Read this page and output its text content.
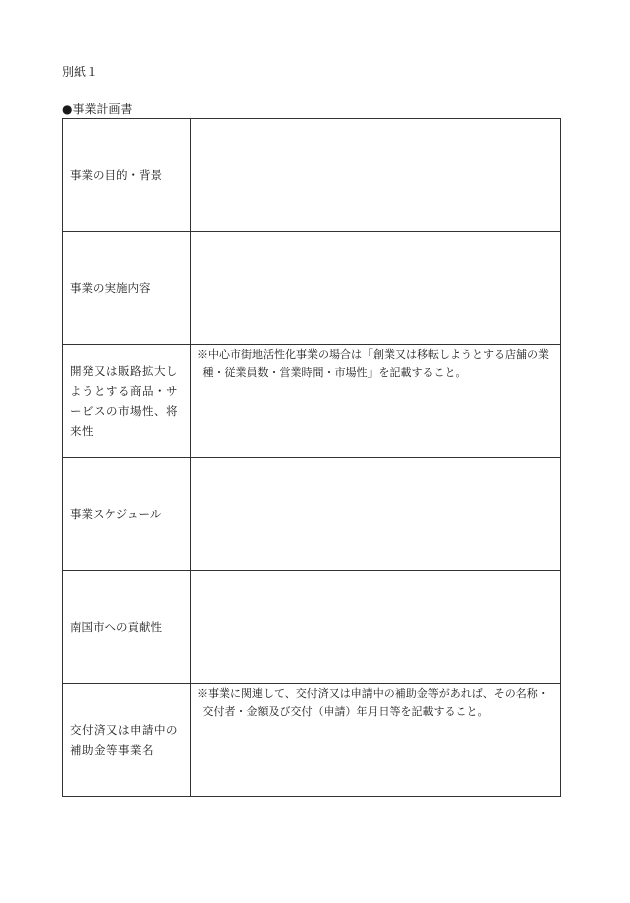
別紙１
●事業計画書
事業の目的・背景	
事業の実施内容	
開発又は販路拡大しようとする商品・サービスの市場性、将来性	※中心市街地活性化事業の場合は「創業又は移転しようとする店舗の業種・従業員数・営業時間・市場性」を記載すること。

事業スケジュール	
南国市への貢献性	
交付済又は申請中の補助金等事業名	※事業に関連して、交付済又は申請中の補助金等があれば、その名称・交付者・金額及び交付（申請）年月日等を記載すること。
